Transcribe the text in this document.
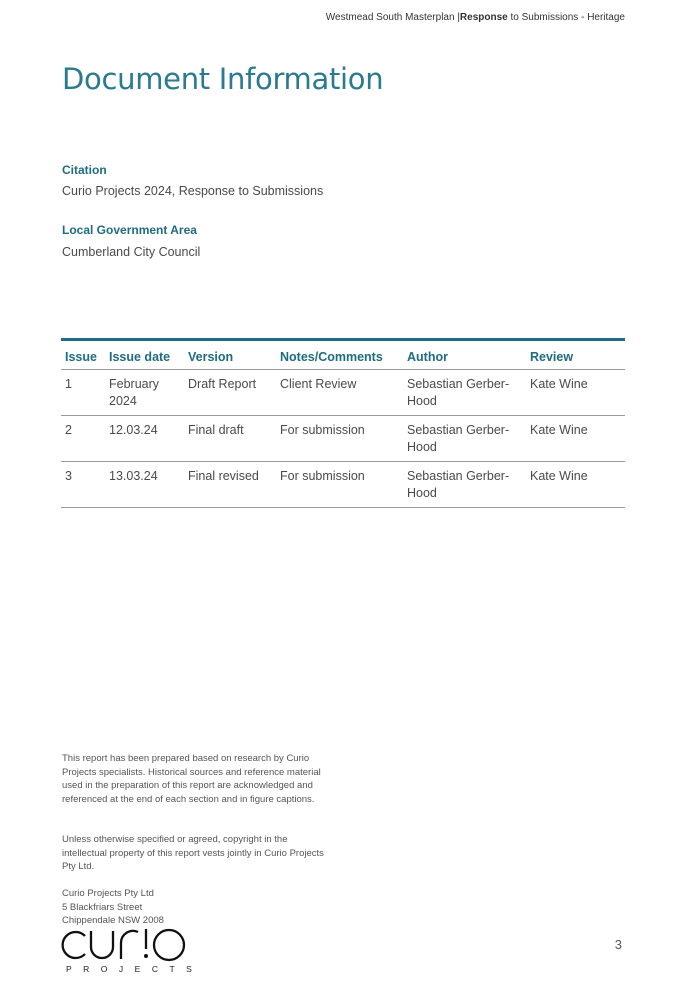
Westmead South Masterplan |Response to Submissions - Heritage
Document Information
Citation
Curio Projects 2024, Response to Submissions
Local Government Area
Cumberland City Council
Issue	Issue date	Version	Notes/Comments	Author	Review
1	February 2024	Draft Report	Client Review	Sebastian Gerber-Hood	Kate Wine
2	12.03.24	Final draft	For submission	Sebastian Gerber-Hood	Kate Wine
3	13.03.24	Final revised	For submission	Sebastian Gerber-Hood	Kate Wine

This report has been prepared based on research by Curio Projects specialists. Historical sources and reference material used in the preparation of this report are acknowledged and referenced at the end of each section and in figure captions.

Unless otherwise specified or agreed, copyright in the intellectual property of this report vests jointly in Curio Projects Pty Ltd.

Curio Projects Pty Ltd

5 Blackfriars Street

Chippendale NSW 2008

PROJECTS
3
